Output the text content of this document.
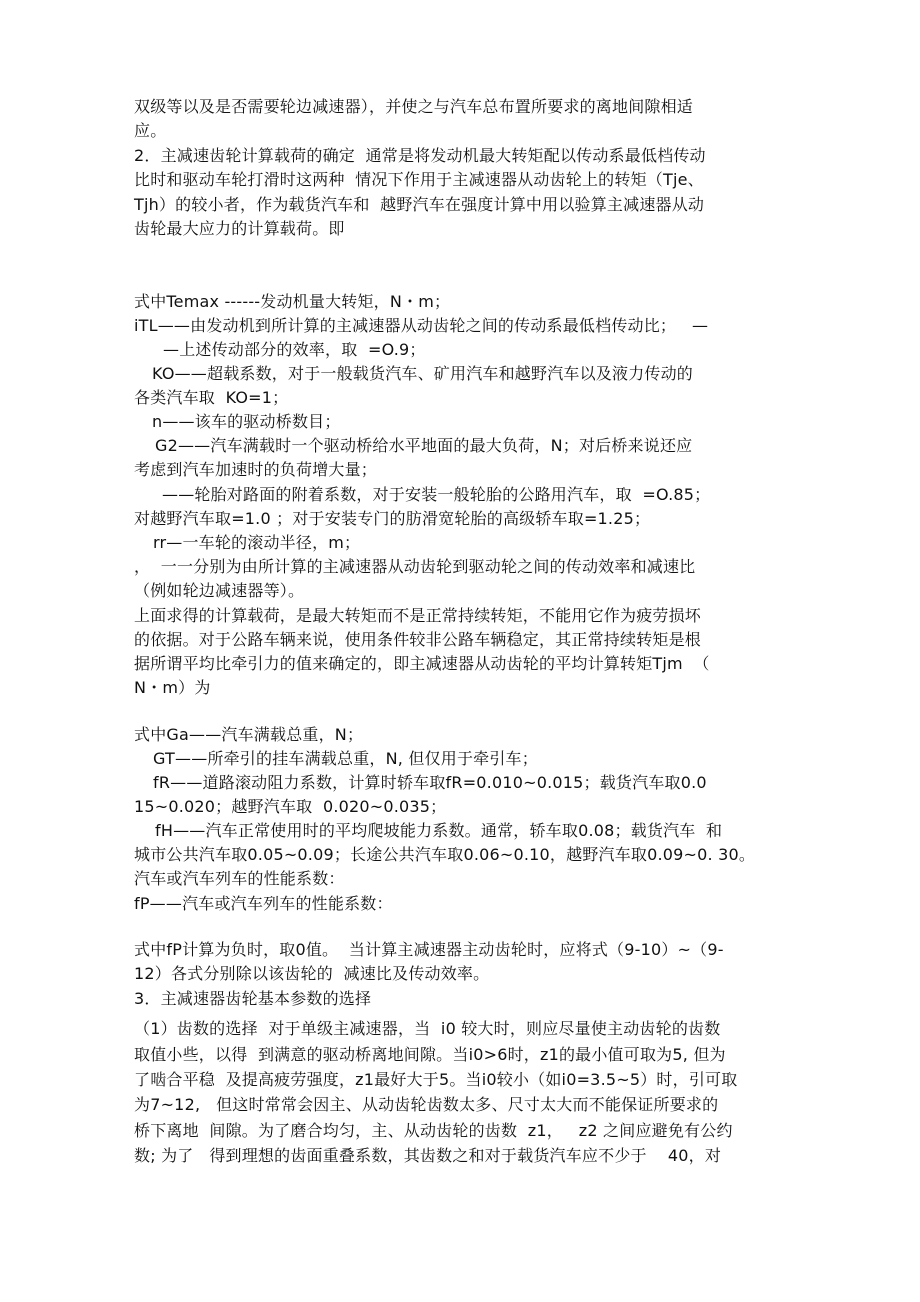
双级等以及是否需要轮边减速器），并使之与汽车总布置所要求的离地间隙相适
应。
2．主减速齿轮计算载荷的确定  通常是将发动机最大转矩配以传动系最低档传动
比时和驱动车轮打滑时这两种  情况下作用于主减速器从动齿轮上的转矩（Tje、
Tjh）的较小者，作为载货汽车和  越野汽车在强度计算中用以验算主减速器从动
齿轮最大应力的计算载荷。即
式中Temax ------发动机量大转矩，N・m；
iTL——由发动机到所计算的主减速器从动齿轮之间的传动系最低档传动比；   —
—上述传动部分的效率，取  =O.9；
KO——超载系数，对于一般载货汽车、矿用汽车和越野汽车以及液力传动的
各类汽车取  KO=1；
n——该车的驱动桥数目；
G2——汽车满载时一个驱动桥给水平地面的最大负荷，N；对后桥来说还应
考虑到汽车加速时的负荷增大量；
——轮胎对路面的附着系数，对于安装一般轮胎的公路用汽车，取  =O.85；
对越野汽车取=1.0 ；对于安装专门的肪滑宽轮胎的高级轿车取=1.25；
rr—一车轮的滚动半径，m；
，  一一分别为由所计算的主减速器从动齿轮到驱动轮之间的传动效率和减速比
（例如轮边减速器等）。
上面求得的计算载荷，是最大转矩而不是正常持续转矩，不能用它作为疲劳损坏
的依据。对于公路车辆来说，使用条件较非公路车辆稳定，其正常持续转矩是根
据所谓平均比牵引力的值来确定的，即主减速器从动齿轮的平均计算转矩Tjm  （
N・m）为
式中Ga——汽车满载总重，N；
GT——所牵引的挂车满载总重，N, 但仅用于牵引车；
fR——道路滚动阻力系数，计算时轿车取fR=0.010~0.015；载货汽车取0.0
15~0.020；越野汽车取  0.020~0.035；
fH——汽车正常使用时的平均爬坡能力系数。通常，轿车取0.08；载货汽车  和
城市公共汽车取0.05~0.09；长途公共汽车取0.06~0.10，越野汽车取0.09~0. 30。
汽车或汽车列车的性能系数：
fP——汽车或汽车列车的性能系数：
式中fP计算为负时，取0值。  当计算主减速器主动齿轮时，应将式（9-10）~（9-
12）各式分别除以该齿轮的  减速比及传动效率。
3．主减速器齿轮基本参数的选择
（1）齿数的选择  对于单级主减速器，当  i0 较大时，则应尽量使主动齿轮的齿数
取值小些，以得  到满意的驱动桥离地间隙。当i0>6时，z1的最小值可取为5, 但为
了啮合平稳  及提高疲劳强度，z1最好大于5。当i0较小（如i0=3.5~5）时，引可取
为7~12,   但这时常常会因主、从动齿轮齿数太多、尺寸太大而不能保证所要求的
桥下离地  间隙。为了磨合均匀，主、从动齿轮的齿数  z1，   z2 之间应避免有公约
数; 为了   得到理想的齿面重叠系数，其齿数之和对于载货汽车应不少于    40，对
